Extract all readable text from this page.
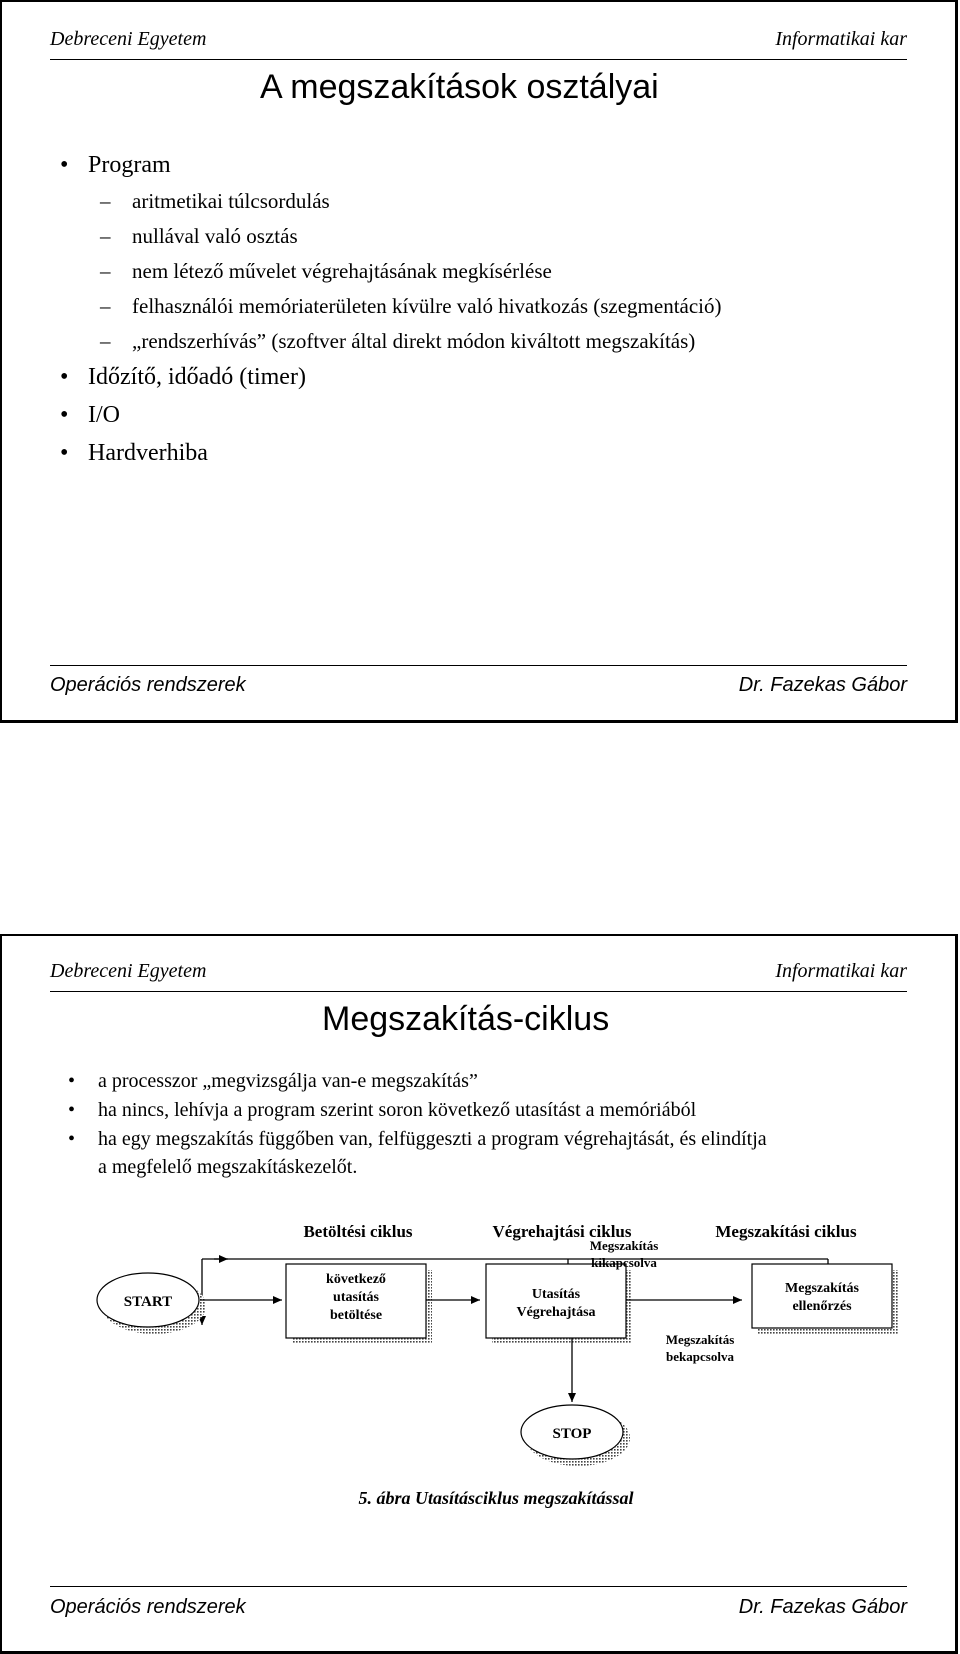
Debreceni Egyetem	Informatikai kar
A megszakítások osztályai
• Program
– aritmetikai túlcsordulás
– nullával való osztás
– nem létező művelet végrehajtásának megkísérlése
– felhasználói memóriaterületen kívülre való hivatkozás (szegmentáció)
– „rendszerhívás” (szoftver által direkt módon kiváltott megszakítás)
• Időzítő, időadó (timer)
• I/O
• Hardverhiba
Operációs rendszerek	Dr. Fazekas Gábor
Debreceni Egyetem	Informatikai kar
Megszakítás-ciklus
• a processzor „megvizsgálja van-e megszakítás”
• ha nincs, lehívja a program szerint soron következő utasítást a memóriából
• ha egy megszakítás függőben van, felfüggeszti a program végrehajtását, és elindítja
a megfelelő megszakításkezelőt.
Betöltési ciklus	Végrehajtási ciklus	Megszakítási ciklus
START
következő
utasítás
betöltése
Utasítás
Végrehajtása
Megszakítás
ellenőrzés
Megszakítás
kikapcsolva
Megszakítás
bekapcsolva
STOP
5. ábra Utasításciklus megszakítással
Operációs rendszerek	Dr. Fazekas Gábor
